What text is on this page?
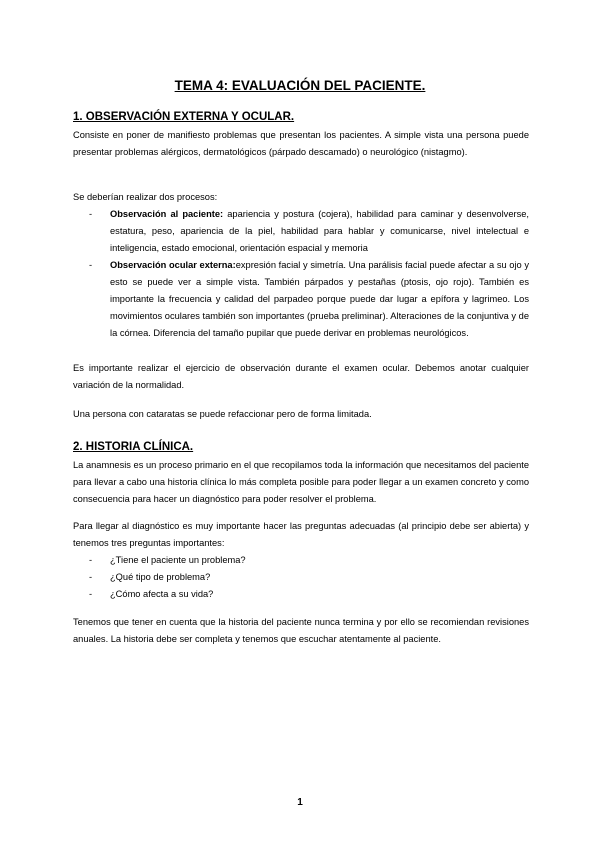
TEMA 4: EVALUACIÓN DEL PACIENTE.
1. OBSERVACIÓN EXTERNA Y OCULAR.

Consiste en poner de manifiesto problemas que presentan los pacientes. A simple vista una persona puede presentar problemas alérgicos, dermatológicos (párpado descamado) o neurológico (nistagmo).

Se deberían realizar dos procesos:

- Observación al paciente: apariencia y postura (cojera), habilidad para caminar y desenvolverse, estatura, peso, apariencia de la piel, habilidad para hablar y comunicarse, nivel intelectual e inteligencia, estado emocional, orientación espacial y memoria
- Observación ocular externa:expresión facial y simetría. Una parálisis facial puede afectar a su ojo y esto se puede ver a simple vista. También párpados y pestañas (ptosis, ojo rojo). También es importante la frecuencia y calidad del parpadeo porque puede dar lugar a epífora y lagrimeo. Los movimientos oculares también son importantes (prueba preliminar). Alteraciones de la conjuntiva y de la córnea. Diferencia del tamaño pupilar que puede derivar en problemas neurológicos.

Es importante realizar el ejercicio de observación durante el examen ocular. Debemos anotar cualquier variación de la normalidad.

Una persona con cataratas se puede refaccionar pero de forma limitada.

2. HISTORIA CLÍNICA.

La anamnesis es un proceso primario en el que recopilamos toda la información que necesitamos del paciente para llevar a cabo una historia clínica lo más completa posible para poder llegar a un examen concreto y como consecuencia para hacer un diagnóstico para poder resolver el problema.

Para llegar al diagnóstico es muy importante hacer las preguntas adecuadas (al principio debe ser abierta) y tenemos tres preguntas importantes:

- ¿Tiene el paciente un problema?
- ¿Qué tipo de problema?
- ¿Cómo afecta a su vida?

Tenemos que tener en cuenta que la historia del paciente nunca termina y por ello se recomiendan revisiones anuales. La historia debe ser completa y tenemos que escuchar atentamente al paciente.

1
